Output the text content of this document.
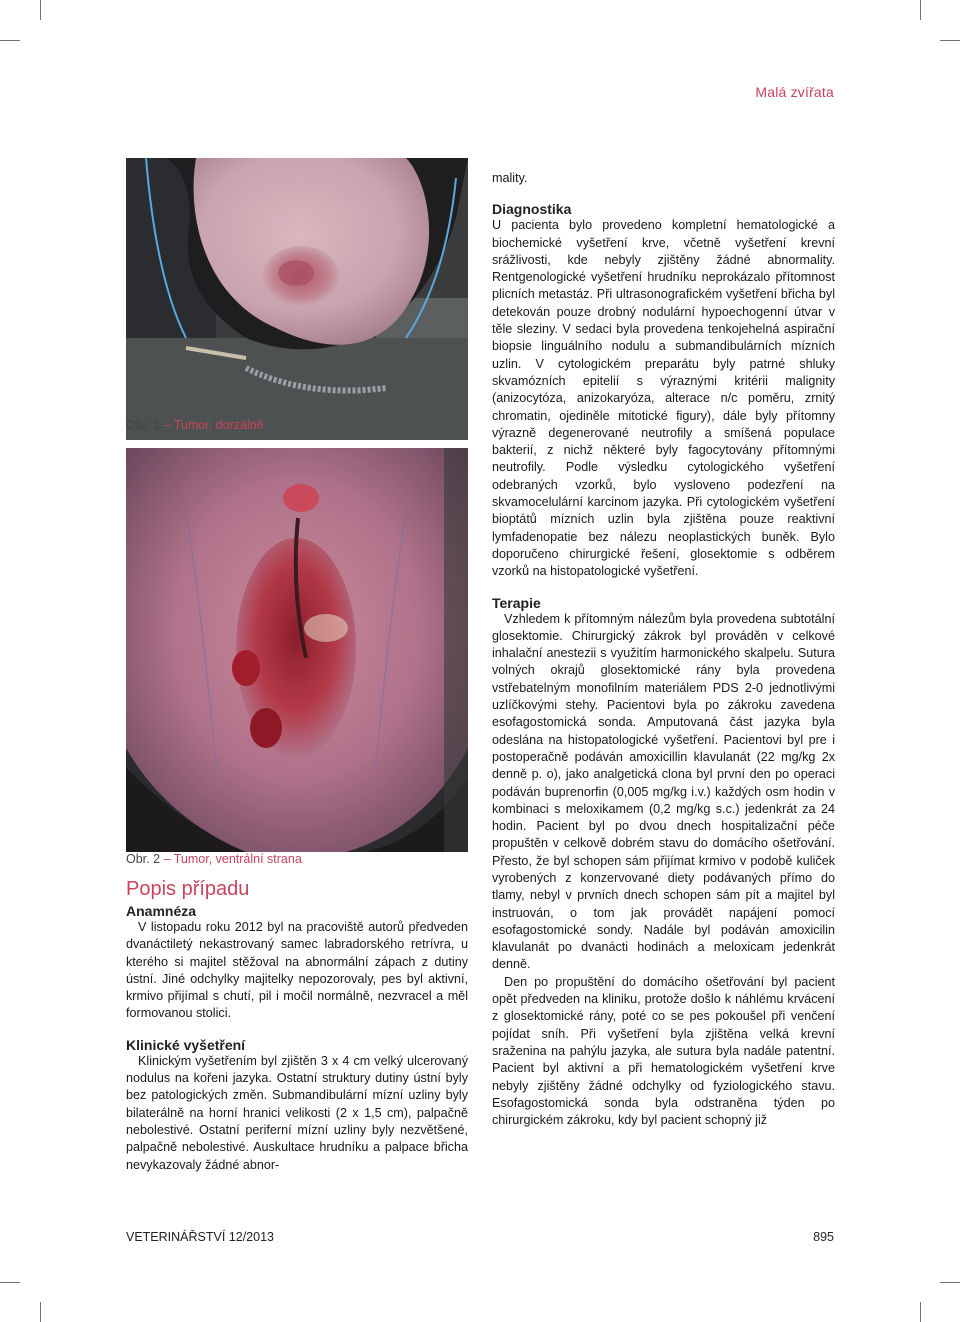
Malá zvířata
Obr. 1 – Tumor, dorzálně
Obr. 2 – Tumor, ventrální strana
Popis případu
Anamnéza

V listopadu roku 2012 byl na pracoviště autorů předveden dvanáctiletý nekastrovaný samec labradorského retrívra, u kterého si majitel stěžoval na abnormální zápach z dutiny ústní. Jiné odchylky majitelky nepozorovaly, pes byl aktivní, krmivo přijímal s chutí, pil i močil normálně, nezvracel a měl formovanou stolici.

Klinické vyšetření

Klinickým vyšetřením byl zjištěn 3 x 4 cm velký ulcerovaný nodulus na kořeni jazyka. Ostatní struktury dutiny ústní byly bez patologických změn. Submandibulární mízní uzliny byly bilaterálně na horní hranici velikosti (2 x 1,5 cm), palpačně nebolestivé. Ostatní periferní mízní uzliny byly nezvětšené, palpačně nebolestivé. Auskultace hrudníku a palpace břicha nevykazovaly žádné abnor-

mality.

Diagnostika

U pacienta bylo provedeno kompletní hematologické a biochemické vyšetření krve, včetně vyšetření krevní srážlivosti, kde nebyly zjištěny žádné abnormality. Rentgenologické vyšetření hrudníku neprokázalo přítomnost plicních metastáz. Při ultrasonografickém vyšetření břicha byl detekován pouze drobný nodulární hypoechogenní útvar v těle sleziny. V sedaci byla provedena tenkojehelná aspirační biopsie linguálního nodulu a submandibulárních mízních uzlin. V cytologickém preparátu byly patrné shluky skvamózních epitelií s výraznými kritérii malignity (anizocytóza, anizokaryóza, alterace n/c poměru, zrnitý chromatin, ojediněle mitotické figury), dále byly přítomny výrazně degenerované neutrofily a smíšená populace bakterií, z nichž některé byly fagocytovány přítomnými neutrofily. Podle výsledku cytologického vyšetření odebraných vzorků, bylo vysloveno podezření na skvamocelulární karcinom jazyka. Při cytologickém vyšetření bioptátů mízních uzlin byla zjištěna pouze reaktivní lymfadenopatie bez nálezu neoplastických buněk. Bylo doporučeno chirurgické řešení, glosektomie s odběrem vzorků na histopatologické vyšetření.

Terapie

Vzhledem k přítomným nálezům byla provedena subtotální glosektomie. Chirurgický zákrok byl prováděn v celkové inhalační anestezii s využitím harmonického skalpelu. Sutura volných okrajů glosektomické rány byla provedena vstřebatelným monofilním materiálem PDS 2-0 jednotlivými uzlíčkovými stehy. Pacientovi byla po zákroku zavedena esofagostomická sonda. Amputovaná část jazyka byla odeslána na histopatologické vyšetření. Pacientovi byl pre i postoperačně podáván amoxicillin klavulanát (22 mg/kg 2x denně p. o), jako analgetická clona byl první den po operaci podáván buprenorfin (0,005 mg/kg i.v.) každých osm hodin v kombinaci s meloxikamem (0,2 mg/kg s.c.) jedenkrát za 24 hodin. Pacient byl po dvou dnech hospitalizační péče propuštěn v celkově dobrém stavu do domácího ošetřování. Přesto, že byl schopen sám přijímat krmivo v podobě kuliček vyrobených z konzervované diety podávaných přímo do tlamy, nebyl v prvních dnech schopen sám pít a majitel byl instruován, o tom jak provádět napájení pomocí esofagostomické sondy. Nadále byl podáván amoxicilin klavulanát po dvanácti hodinách a meloxicam jedenkrát denně.

Den po propuštění do domácího ošetřování byl pacient opět předveden na kliniku, protože došlo k náhlému krvácení z glosektomické rány, poté co se pes pokoušel při venčení pojídat sníh. Při vyšetření byla zjištěna velká krevní sraženina na pahýlu jazyka, ale sutura byla nadále patentní. Pacient byl aktivní a při hematologickém vyšetření krve nebyly zjištěny žádné odchylky od fyziologického stavu. Esofagostomická sonda byla odstraněna týden po chirurgickém zákroku, kdy byl pacient schopný již

VETERINÁŘSTVÍ 12/2013	895
